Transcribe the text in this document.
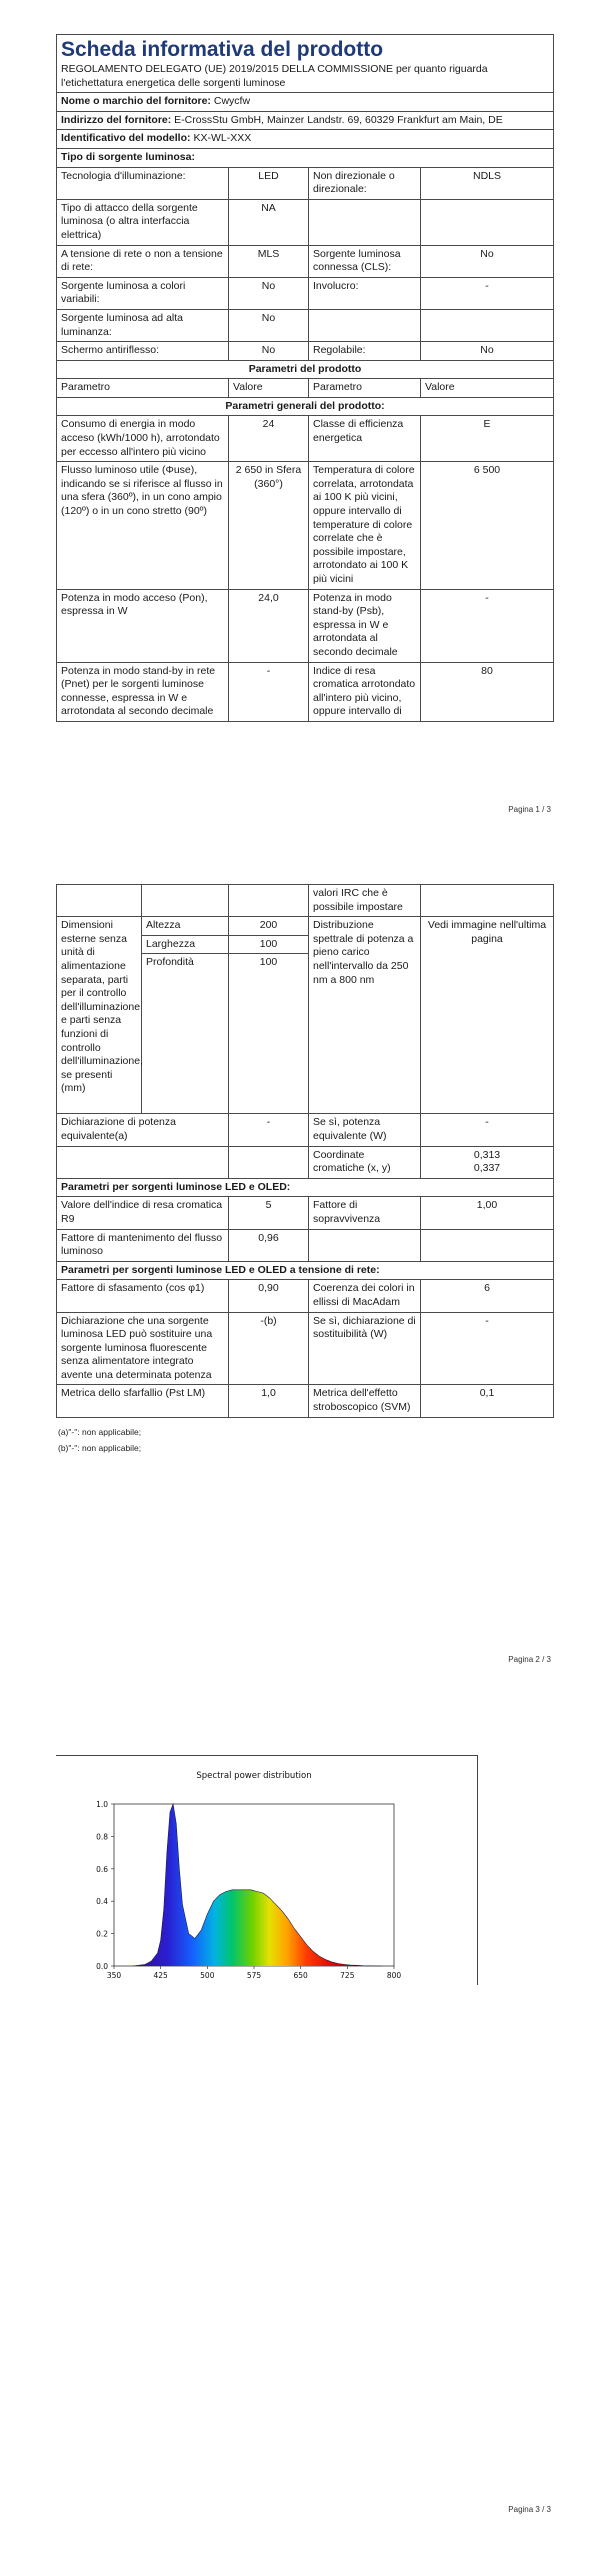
Scheda informativa del prodotto
REGOLAMENTO DELEGATO (UE) 2019/2015 DELLA COMMISSIONE per quanto riguarda l'etichettatura energetica delle sorgenti luminose			

Nome o marchio del fornitore: Cwycfw			
Indirizzo del fornitore: E-CrossStu GmbH, Mainzer Landstr. 69, 60329 Frankfurt am Main, DE			
Identificativo del modello: KX-WL-XXX			
Tipo di sorgente luminosa:			
Tecnologia d'illuminazione:	LED	Non direzionale o direzionale:	NDLS
Tipo di attacco della sorgente luminosa (o altra interfaccia elettrica)	NA		
A tensione di rete o non a tensione di rete:	MLS	Sorgente luminosa connessa (CLS):	No
Sorgente luminosa a colori variabili:	No	Involucro:	-
Sorgente luminosa ad alta luminanza:	No		
Schermo antiriflesso:	No	Regolabile:	No
Parametri del prodotto			
Parametro	Valore	Parametro	Valore
Parametri generali del prodotto:			
Consumo di energia in modo acceso (kWh/1000 h), arrotondato per eccesso all'intero più vicino	24	Classe di efficienza energetica	E
Flusso luminoso utile (Φuse), indicando se si riferisce al flusso in una sfera (360º), in un cono ampio (120º) o in un cono stretto (90º)	2 650 in Sfera (360°)	Temperatura di colore correlata, arrotondata ai 100 K più vicini, oppure intervallo di temperature di colore correlate che è possibile impostare, arrotondato ai 100 K più vicini	6 500
Potenza in modo acceso (Pon), espressa in W	24,0	Potenza in modo stand-by (Psb), espressa in W e arrotondata al secondo decimale	-
Potenza in modo stand-by in rete (Pnet) per le sorgenti luminose connesse, espressa in W e arrotondata al secondo decimale	-	Indice di resa cromatica arrotondato all'intero più vicino, oppure intervallo di	80
Pagina 1 / 3
			valori IRC che è possibile impostare	
Dimensioni esterne senza unità di alimentazione separata, parti per il controllo dell'illuminazione e parti senza funzioni di controllo dell'illuminazione, se presenti (mm)	Altezza	200	Distribuzione spettrale di potenza a pieno carico nell'intervallo da 250 nm a 800 nm	Vedi immagine nell'ultima pagina
	Larghezza	100		
	Profondità	100		
Dichiarazione di potenza equivalente(a)		-	Se sì, potenza equivalente (W)	-
			Coordinate cromatiche (x, y)	0,313
0,337

Parametri per sorgenti luminose LED e OLED:				
Valore dell'indice di resa cromatica R9		5	Fattore di sopravvivenza	1,00
Fattore di mantenimento del flusso luminoso		0,96		
Parametri per sorgenti luminose LED e OLED a tensione di rete:				
Fattore di sfasamento (cos φ1)		0,90	Coerenza dei colori in ellissi di MacAdam	6
Dichiarazione che una sorgente luminosa LED può sostituire una sorgente luminosa fluorescente senza alimentatore integrato avente una determinata potenza		-(b)	Se sì, dichiarazione di sostituibilità (W)	-
Metrica dello sfarfallio (Pst LM)		1,0	Metrica dell'effetto stroboscopico (SVM)	0,1
(a)"-": non applicabile;
(b)"-": non applicabile;
Pagina 2 / 3
Spectral power distribution
350	425	500	575	650	725	800
0.0
0.2
0.4
0.6
0.8
1.0
Pagina 3 / 3
